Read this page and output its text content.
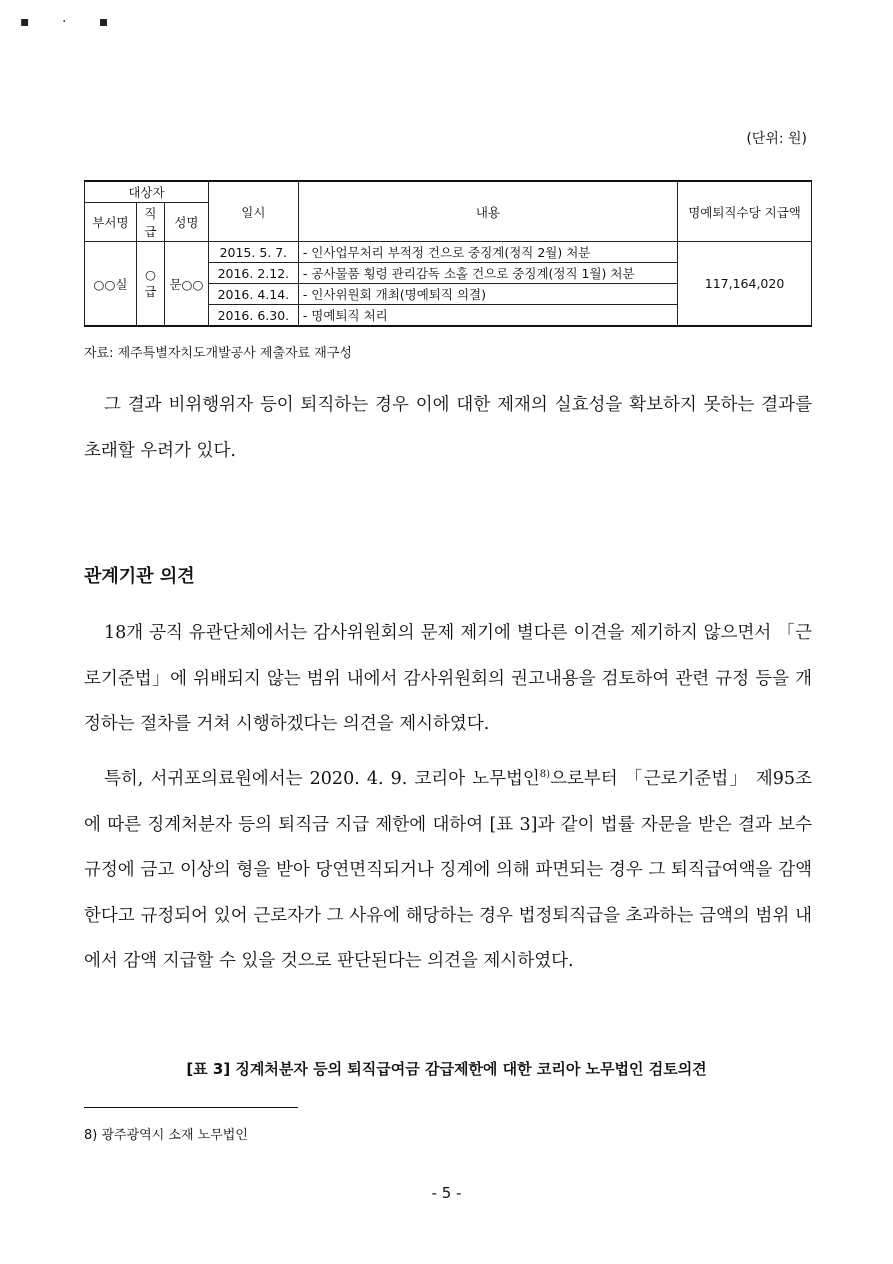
▪ · ▪
(단위: 원)
대상자			일시	내용	명예퇴직수당 지급액
부서명	직급	성명			
○○실	○급	문○○	2015. 5. 7.	- 인사업무처리 부적정 건으로 중징계(정직 2월) 처분	117,164,020
			2016. 2.12.	- 공사물품 횡령 관리감독 소홀 건으로 중징계(정직 1월) 처분	
			2016. 4.14.	- 인사위원회 개최(명예퇴직 의결)	
			2016. 6.30.	- 명예퇴직 처리	
자료: 제주특별자치도개발공사 제출자료 재구성

그 결과 비위행위자 등이 퇴직하는 경우 이에 대한 제재의 실효성을 확보하지 못하는 결과를 초래할 우려가 있다.

관계기관 의견

18개 공직 유관단체에서는 감사위원회의 문제 제기에 별다른 이견을 제기하지 않으면서 「근로기준법」에 위배되지 않는 범위 내에서 감사위원회의 권고내용을 검토하여 관련 규정 등을 개정하는 절차를 거쳐 시행하겠다는 의견을 제시하였다.

특히, 서귀포의료원에서는 2020. 4. 9. 코리아 노무법인$^{8)}$으로부터 「근로기준법」 제95조에 따른 징계처분자 등의 퇴직금 지급 제한에 대하여 [표 3]과 같이 법률 자문을 받은 결과 보수규정에 금고 이상의 형을 받아 당연면직되거나 징계에 의해 파면되는 경우 그 퇴직급여액을 감액한다고 규정되어 있어 근로자가 그 사유에 해당하는 경우 법정퇴직급을 초과하는 금액의 범위 내에서 감액 지급할 수 있을 것으로 판단된다는 의견을 제시하였다.

[표 3] 징계처분자 등의 퇴직급여금 감급제한에 대한 코리아 노무법인 검토의견

8) 광주광역시 소재 노무법인
- 5 -
